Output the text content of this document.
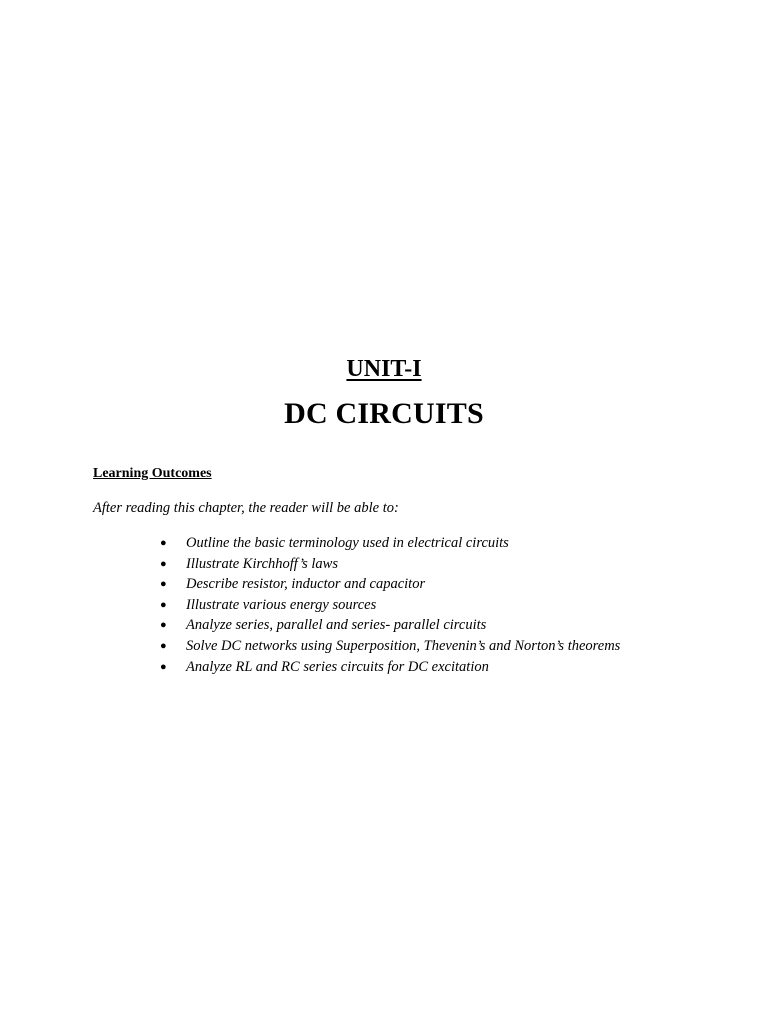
UNIT-I
DC CIRCUITS
Learning Outcomes
After reading this chapter, the reader will be able to:
●	Outline the basic terminology used in electrical circuits
●	Illustrate Kirchhoff’s laws
●	Describe resistor, inductor and capacitor
●	Illustrate various energy sources
●	Analyze series, parallel and series- parallel circuits
●	Solve DC networks using Superposition, Thevenin’s and Norton’s theorems
●	Analyze RL and RC series circuits for DC excitation
